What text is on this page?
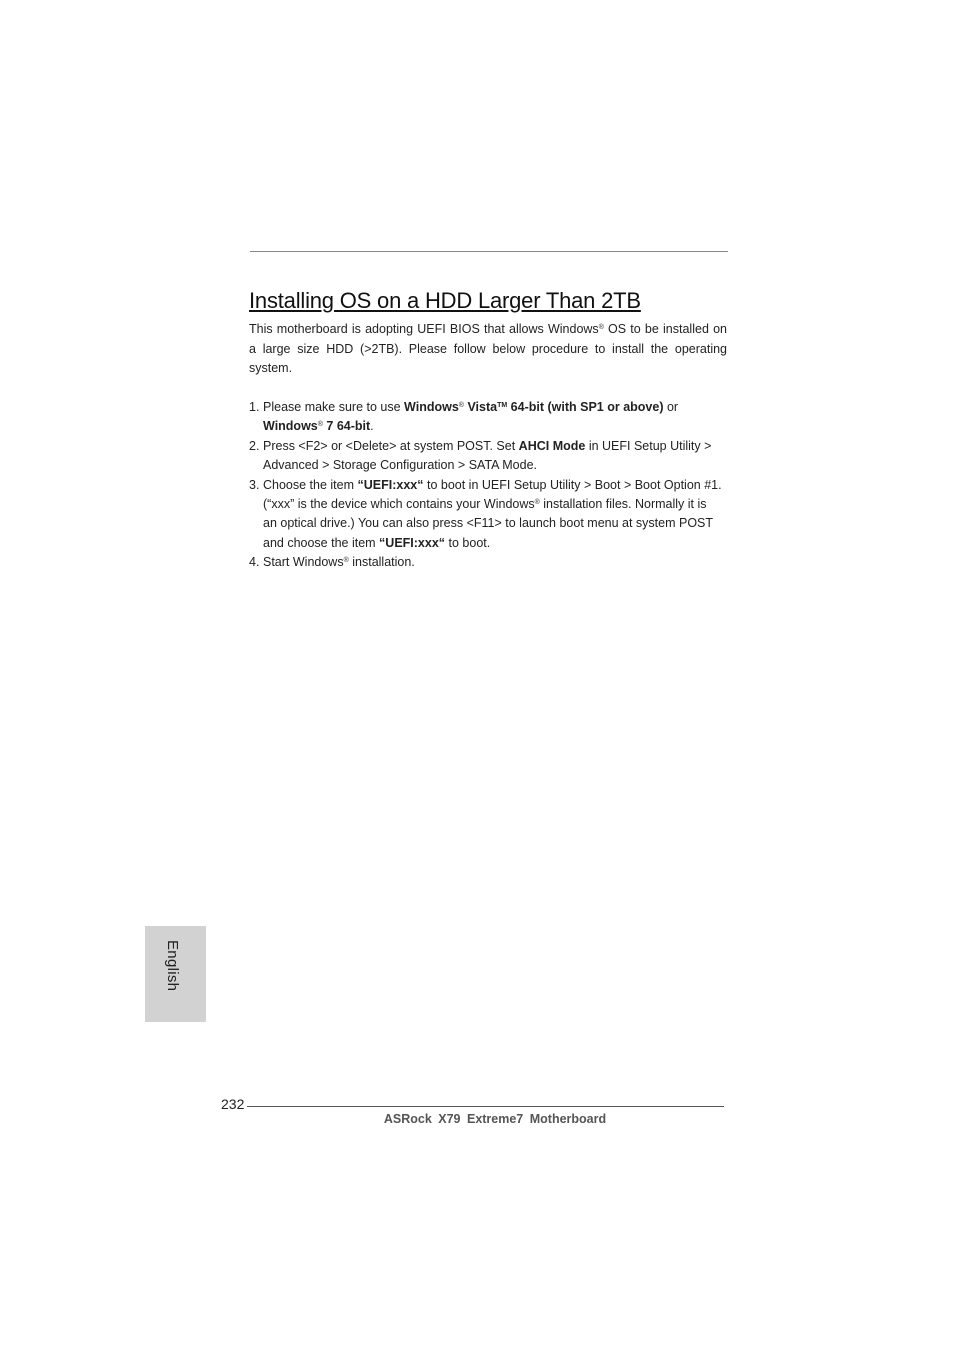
Installing OS on a HDD Larger Than 2TB

This motherboard is adopting UEFI BIOS that allows Windows® OS to be installed on a large size HDD (>2TB). Please follow below procedure to install the operating system.

1. Please make sure to use Windows® Vista™ 64-bit (with SP1 or above) or
Windows® 7 64-bit.
2. Press <F2> or <Delete> at system POST. Set AHCI Mode in UEFI Setup Utility >
Advanced > Storage Configuration > SATA Mode.
3. Choose the item “UEFI:xxx“ to boot in UEFI Setup Utility > Boot > Boot Option #1.
(“xxx” is the device which contains your Windows® installation files. Normally it is
an optical drive.) You can also press <F11> to launch boot menu at system POST
and choose the item “UEFI:xxx“ to boot.
4. Start Windows® installation.
English
232
ASRock X79 Extreme7 Motherboard
